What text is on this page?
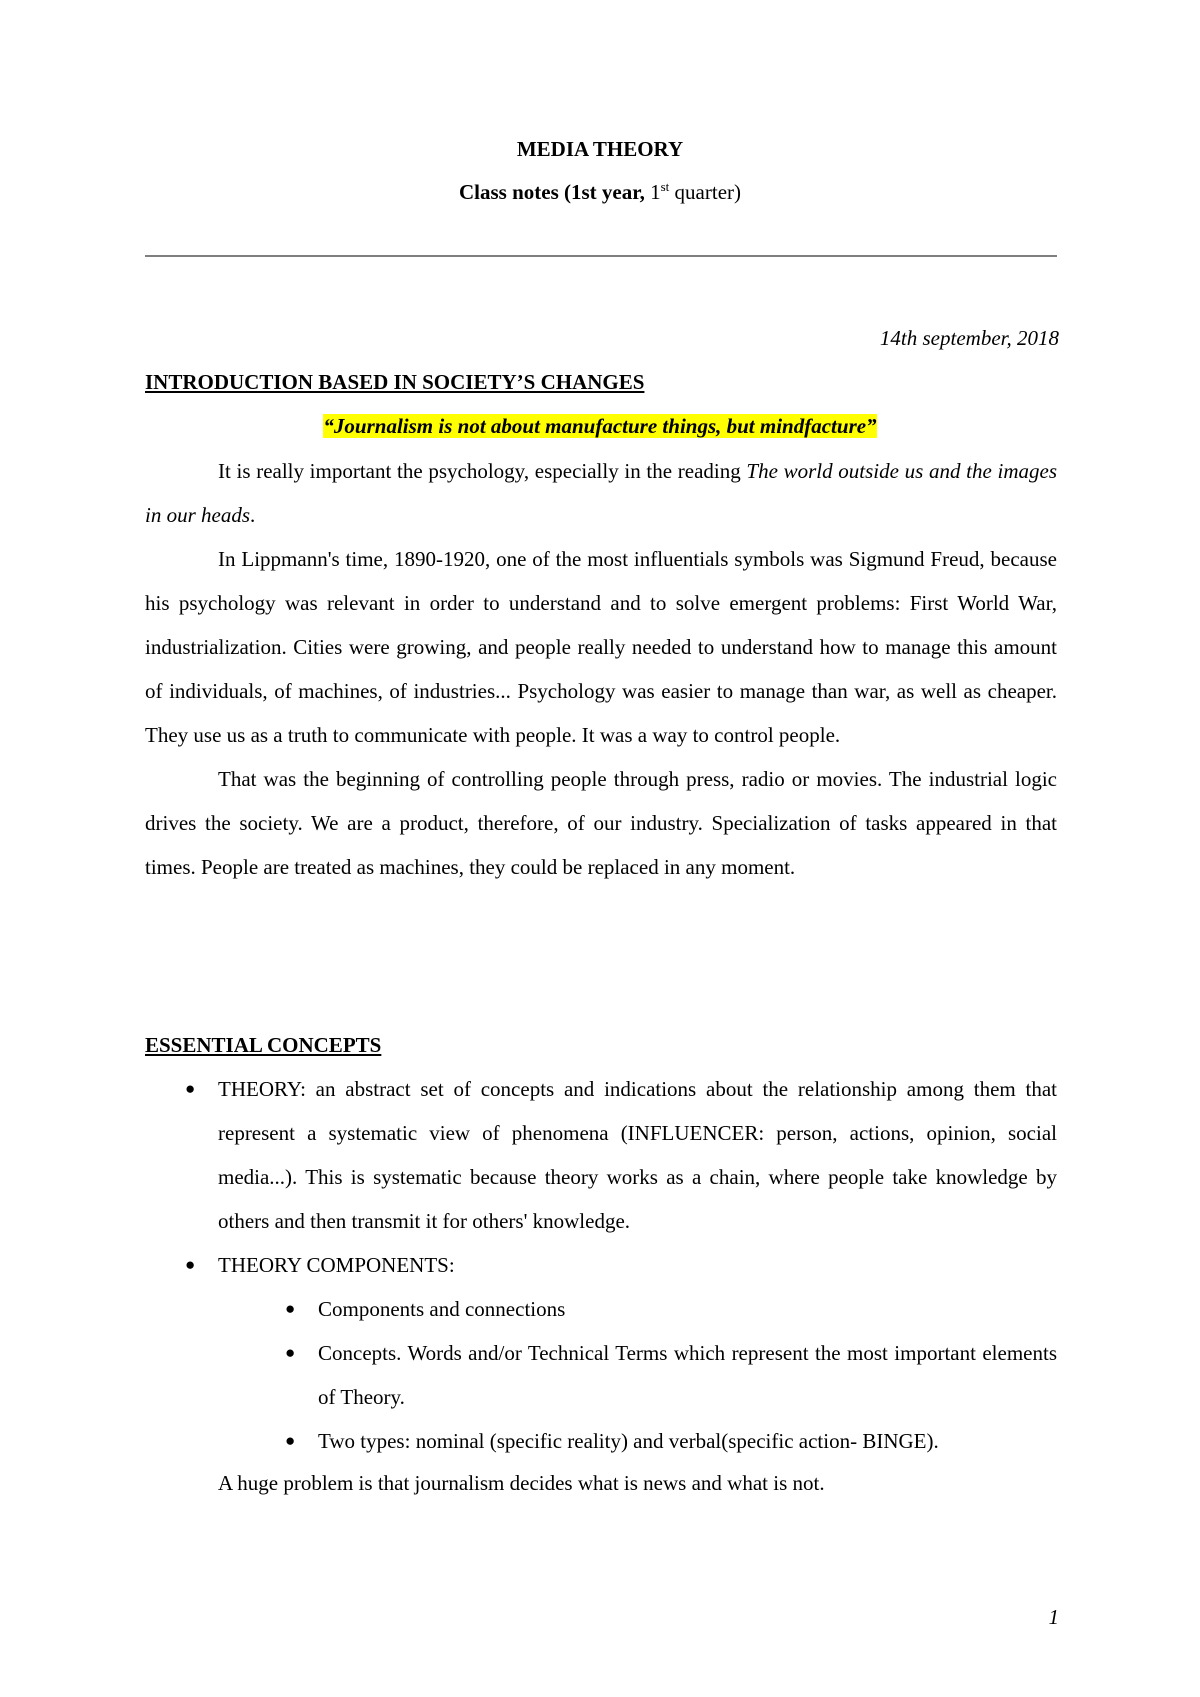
MEDIA THEORY
Class notes (1st year, 1st quarter)
14th september, 2018
INTRODUCTION BASED IN SOCIETY’S CHANGES
“Journalism is not about manufacture things, but mindfacture”

It is really important the psychology, especially in the reading The world outside us and the images in our heads.

In Lippmann's time, 1890-1920, one of the most influentials symbols was Sigmund Freud, because his psychology was relevant in order to understand and to solve emergent problems: First World War, industrialization. Cities were growing, and people really needed to understand how to manage this amount of individuals, of machines, of industries... Psychology was easier to manage than war, as well as cheaper. They use us as a truth to communicate with people. It was a way to control people.

That was the beginning of controlling people through press, radio or movies. The industrial logic drives the society. We are a product, therefore, of our industry. Specialization of tasks appeared in that times. People are treated as machines, they could be replaced in any moment.

ESSENTIAL CONCEPTS
● THEORY: an abstract set of concepts and indications about the relationship among them that represent a systematic view of phenomena (INFLUENCER: person, actions, opinion, social media...). This is systematic because theory works as a chain, where people take knowledge by others and then transmit it for others' knowledge.
● THEORY COMPONENTS:
● Components and connections
● Concepts. Words and/or Technical Terms which represent the most important elements of Theory.
● Two types: nominal (specific reality) and verbal(specific action- BINGE).
A huge problem is that journalism decides what is news and what is not.
1
